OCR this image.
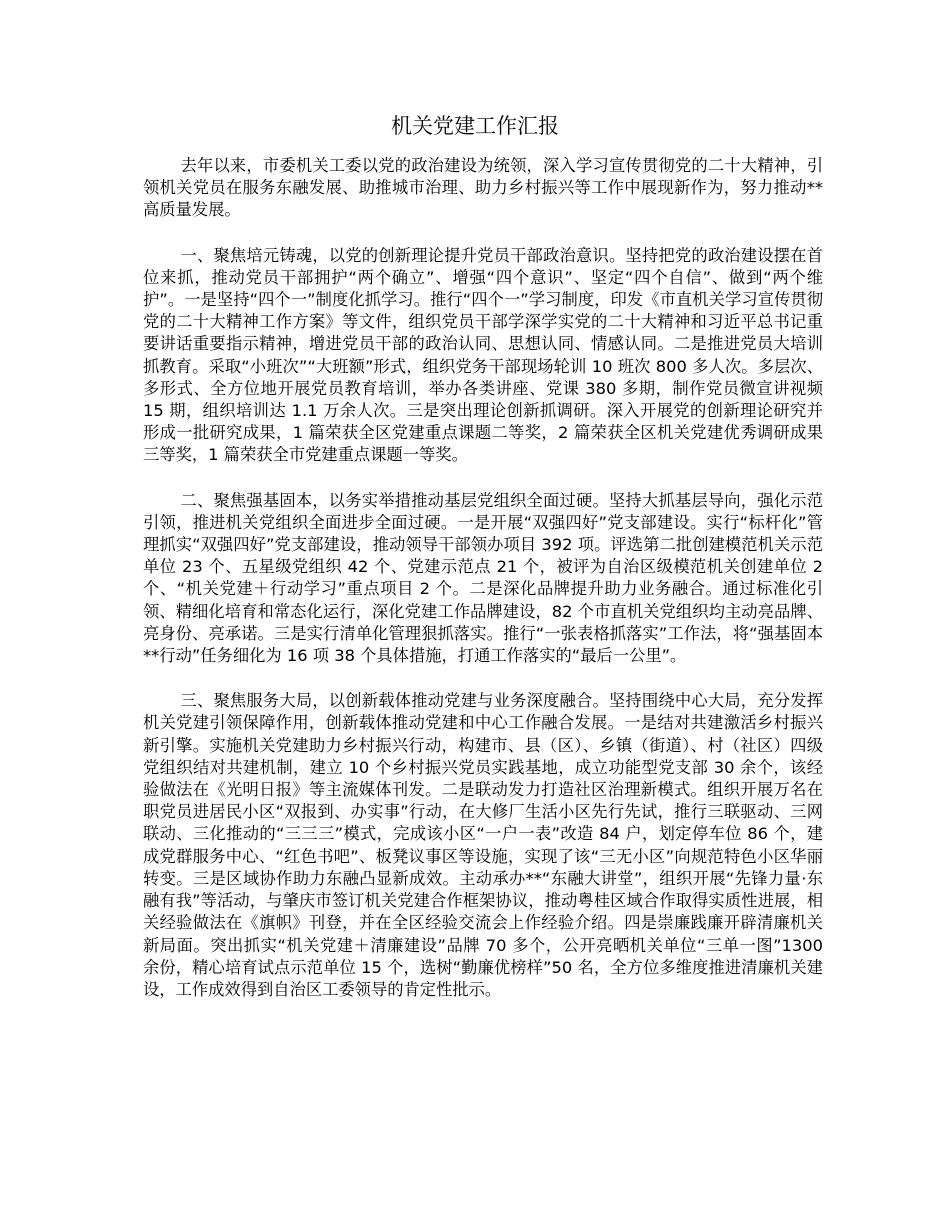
机关党建工作汇报

去年以来，市委机关工委以党的政治建设为统领，深入学习宣传贯彻党的二十大精神，引领机关党员在服务东融发展、助推城市治理、助力乡村振兴等工作中展现新作为，努力推动**高质量发展。

一、聚焦培元铸魂，以党的创新理论提升党员干部政治意识。坚持把党的政治建设摆在首位来抓，推动党员干部拥护“两个确立”、增强“四个意识”、坚定“四个自信”、做到“两个维护”。一是坚持“四个一”制度化抓学习。推行“四个一”学习制度，印发《市直机关学习宣传贯彻党的二十大精神工作方案》等文件，组织党员干部学深学实党的二十大精神和习近平总书记重要讲话重要指示精神，增进党员干部的政治认同、思想认同、情感认同。二是推进党员大培训抓教育。采取“小班次”“大班额”形式，组织党务干部现场轮训 10 班次 800 多人次。多层次、多形式、全方位地开展党员教育培训，举办各类讲座、党课 380 多期，制作党员微宣讲视频 15 期，组织培训达 1.1 万余人次。三是突出理论创新抓调研。深入开展党的创新理论研究并形成一批研究成果，1 篇荣获全区党建重点课题二等奖，2 篇荣获全区机关党建优秀调研成果三等奖，1 篇荣获全市党建重点课题一等奖。

二、聚焦强基固本，以务实举措推动基层党组织全面过硬。坚持大抓基层导向，强化示范引领，推进机关党组织全面进步全面过硬。一是开展“双强四好”党支部建设。实行“标杆化”管理抓实“双强四好”党支部建设，推动领导干部领办项目 392 项。评选第二批创建模范机关示范单位 23 个、五星级党组织 42 个、党建示范点 21 个，被评为自治区级模范机关创建单位 2 个、“机关党建＋行动学习”重点项目 2 个。二是深化品牌提升助力业务融合。通过标准化引领、精细化培育和常态化运行，深化党建工作品牌建设，82 个市直机关党组织均主动亮品牌、亮身份、亮承诺。三是实行清单化管理狠抓落实。推行“一张表格抓落实”工作法，将“强基固本**行动”任务细化为 16 项 38 个具体措施，打通工作落实的“最后一公里”。

三、聚焦服务大局，以创新载体推动党建与业务深度融合。坚持围绕中心大局，充分发挥机关党建引领保障作用，创新载体推动党建和中心工作融合发展。一是结对共建激活乡村振兴新引擎。实施机关党建助力乡村振兴行动，构建市、县（区）、乡镇（街道）、村（社区）四级党组织结对共建机制，建立 10 个乡村振兴党员实践基地，成立功能型党支部 30 余个，该经验做法在《光明日报》等主流媒体刊发。二是联动发力打造社区治理新模式。组织开展万名在职党员进居民小区“双报到、办实事”行动，在大修厂生活小区先行先试，推行三联驱动、三网联动、三化推动的“三三三”模式，完成该小区“一户一表”改造 84 户，划定停车位 86 个，建成党群服务中心、“红色书吧”、板凳议事区等设施，实现了该“三无小区”向规范特色小区华丽转变。三是区域协作助力东融凸显新成效。主动承办**“东融大讲堂”，组织开展“先锋力量·东融有我”等活动，与肇庆市签订机关党建合作框架协议，推动粤桂区域合作取得实质性进展，相关经验做法在《旗帜》刊登，并在全区经验交流会上作经验介绍。四是崇廉践廉开辟清廉机关新局面。突出抓实“机关党建＋清廉建设”品牌 70 多个，公开亮晒机关单位“三单一图”1300 余份，精心培育试点示范单位 15 个，选树“勤廉优榜样”50 名，全方位多维度推进清廉机关建设，工作成效得到自治区工委领导的肯定性批示。
